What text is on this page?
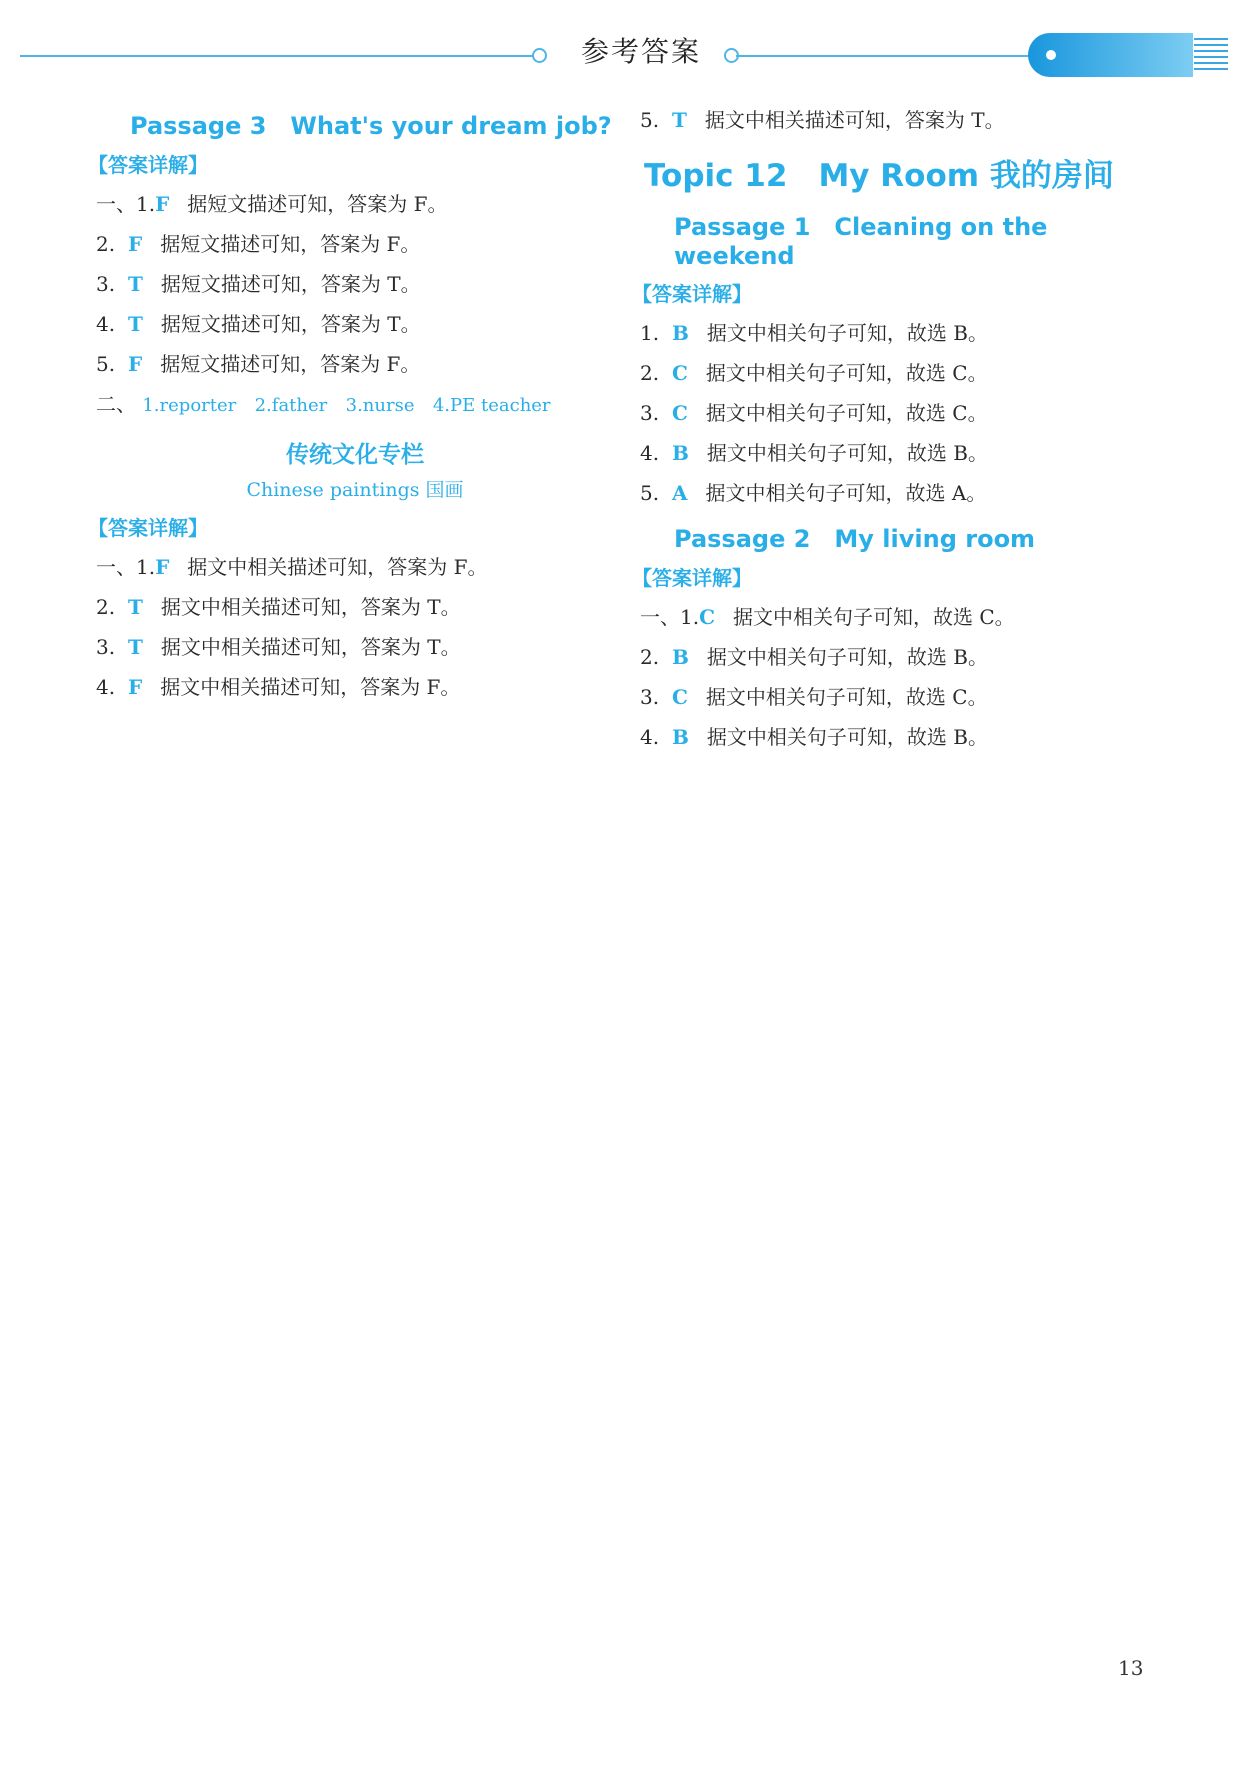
参考答案
Passage 3　What's your dream job?
【答案详解】

一、1.F 据短文描述可知，答案为 F。

2. F 据短文描述可知，答案为 F。

3. T 据短文描述可知，答案为 T。

4. T 据短文描述可知，答案为 T。

5. F 据短文描述可知，答案为 F。

二、 1.reporter 2.father 3.nurse 4.PE teacher
传统文化专栏
Chinese paintings 国画
【答案详解】

一、1.F 据文中相关描述可知，答案为 F。

2. T 据文中相关描述可知，答案为 T。

3. T 据文中相关描述可知，答案为 T。

4. F 据文中相关描述可知，答案为 F。

5. T 据文中相关描述可知，答案为 T。

Topic 12　My Room 我的房间
Passage 1　Cleaning on the weekend
【答案详解】

1. B 据文中相关句子可知，故选 B。

2. C 据文中相关句子可知，故选 C。

3. C 据文中相关句子可知，故选 C。

4. B 据文中相关句子可知，故选 B。

5. A 据文中相关句子可知，故选 A。

Passage 2　My living room
【答案详解】

一、1.C 据文中相关句子可知，故选 C。

2. B 据文中相关句子可知，故选 B。

3. C 据文中相关句子可知，故选 C。

4. B 据文中相关句子可知，故选 B。

13
